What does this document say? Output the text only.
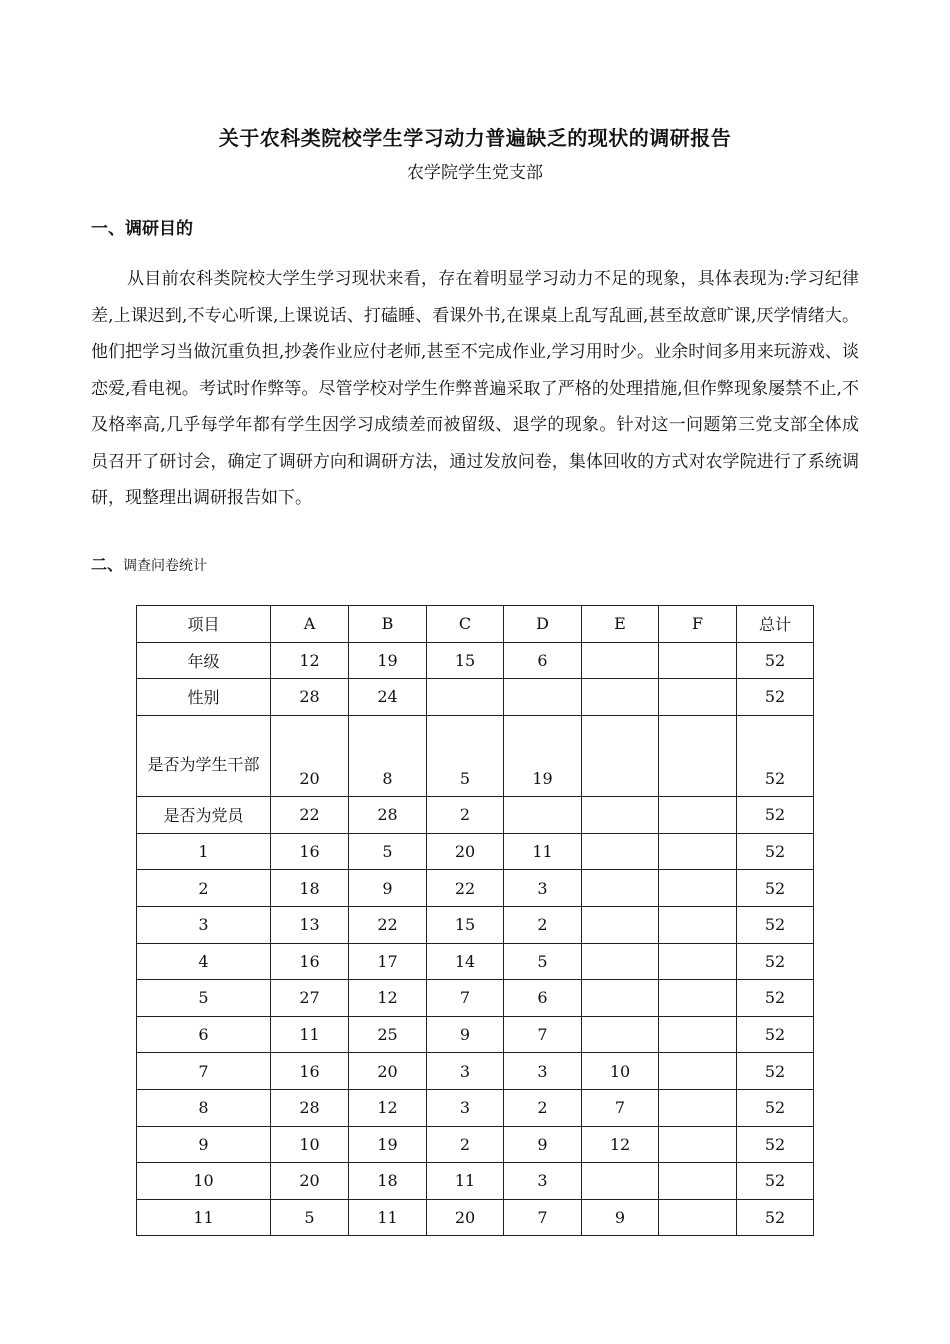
关于农科类院校学生学习动力普遍缺乏的现状的调研报告
农学院学生党支部
一、调研目的
从目前农科类院校大学生学习现状来看，存在着明显学习动力不足的现象，具体表现为:学习纪律差,上课迟到,不专心听课,上课说话、打磕睡、看课外书,在课桌上乱写乱画,甚至故意旷课,厌学情绪大。他们把学习当做沉重负担,抄袭作业应付老师,甚至不完成作业,学习用时少。业余时间多用来玩游戏、谈恋爱,看电视。考试时作弊等。尽管学校对学生作弊普遍采取了严格的处理措施,但作弊现象屡禁不止,不及格率高,几乎每学年都有学生因学习成绩差而被留级、退学的现象。针对这一问题第三党支部全体成员召开了研讨会，确定了调研方向和调研方法，通过发放问卷，集体回收的方式对农学院进行了系统调研，现整理出调研报告如下。
二、调查问卷统计
项目	A	B	C	D	E	F	总计
年级	12	19	15	6			52
性别	28	24					52
是否为学生干部	20	8	5	19			52
是否为党员	22	28	2				52
1	16	5	20	11			52
2	18	9	22	3			52
3	13	22	15	2			52
4	16	17	14	5			52
5	27	12	7	6			52
6	11	25	9	7			52
7	16	20	3	3	10		52
8	28	12	3	2	7		52
9	10	19	2	9	12		52
10	20	18	11	3			52
11	5	11	20	7	9		52
